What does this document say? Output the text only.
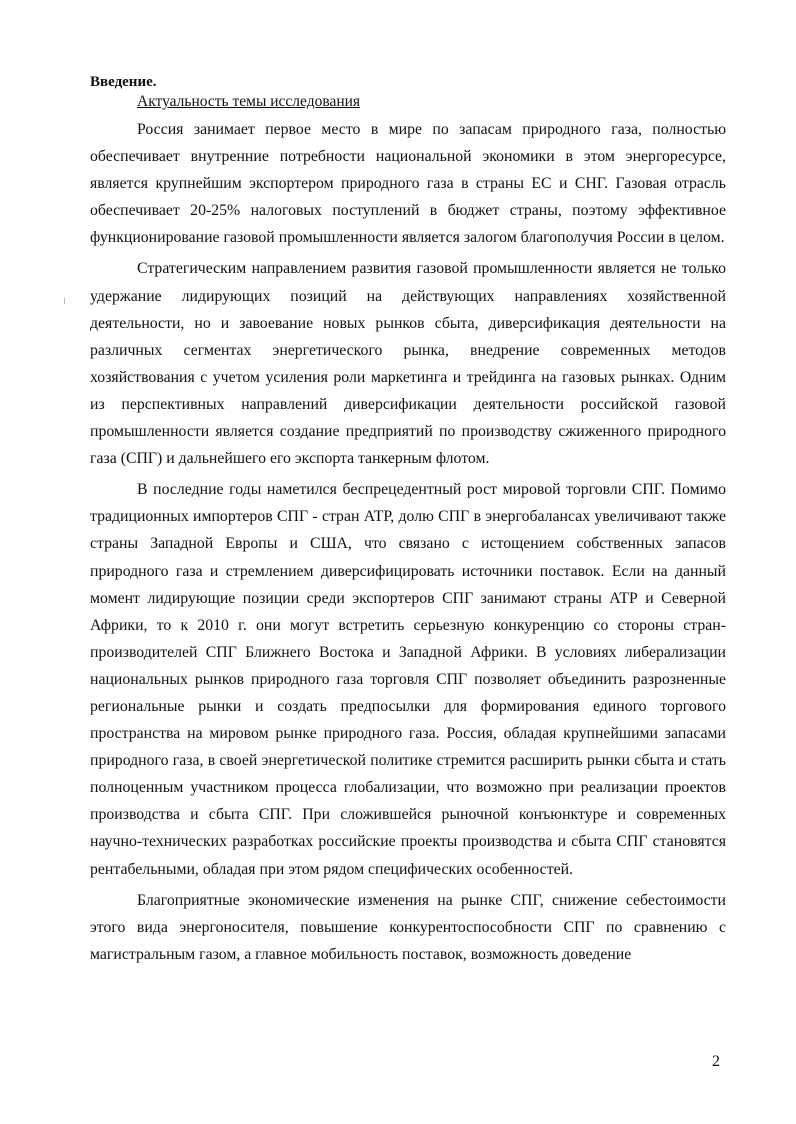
Введение.
Актуальность темы исследования

Россия занимает первое место в мире по запасам природного газа, полностью обеспечивает внутренние потребности национальной экономики в этом энергоресурсе, является крупнейшим экспортером природного газа в страны ЕС и СНГ. Газовая отрасль обеспечивает 20-25% налоговых поступлений в бюджет страны, поэтому эффективное функционирование газовой промышленности является залогом благополучия России в целом.

Стратегическим направлением развития газовой промышленности является не только удержание лидирующих позиций на действующих направлениях хозяйственной деятельности, но и завоевание новых рынков сбыта, диверсификация деятельности на различных сегментах энергетического рынка, внедрение современных методов хозяйствования с учетом усиления роли маркетинга и трейдинга на газовых рынках. Одним из перспективных направлений диверсификации деятельности российской газовой промышленности является создание предприятий по производству сжиженного природного газа (СПГ) и дальнейшего его экспорта танкерным флотом.

В последние годы наметился беспрецедентный рост мировой торговли СПГ. Помимо традиционных импортеров СПГ - стран АТР, долю СПГ в энергобалансах увеличивают также страны Западной Европы и США, что связано с истощением собственных запасов природного газа и стремлением диверсифицировать источники поставок. Если на данный момент лидирующие позиции среди экспортеров СПГ занимают страны АТР и Северной Африки, то к 2010 г. они могут встретить серьезную конкуренцию со стороны стран-производителей СПГ Ближнего Востока и Западной Африки. В условиях либерализации национальных рынков природного газа торговля СПГ позволяет объединить разрозненные региональные рынки и создать предпосылки для формирования единого торгового пространства на мировом рынке природного газа. Россия, обладая крупнейшими запасами природного газа, в своей энергетической политике стремится расширить рынки сбыта и стать полноценным участником процесса глобализации, что возможно при реализации проектов производства и сбыта СПГ. При сложившейся рыночной конъюнктуре и современных научно-технических разработках российские проекты производства и сбыта СПГ становятся рентабельными, обладая при этом рядом специфических особенностей.

Благоприятные экономические изменения на рынке СПГ, снижение себестоимости этого вида энергоносителя, повышение конкурентоспособности СПГ по сравнению с магистральным газом, а главное мобильность поставок, возможность доведение

2
